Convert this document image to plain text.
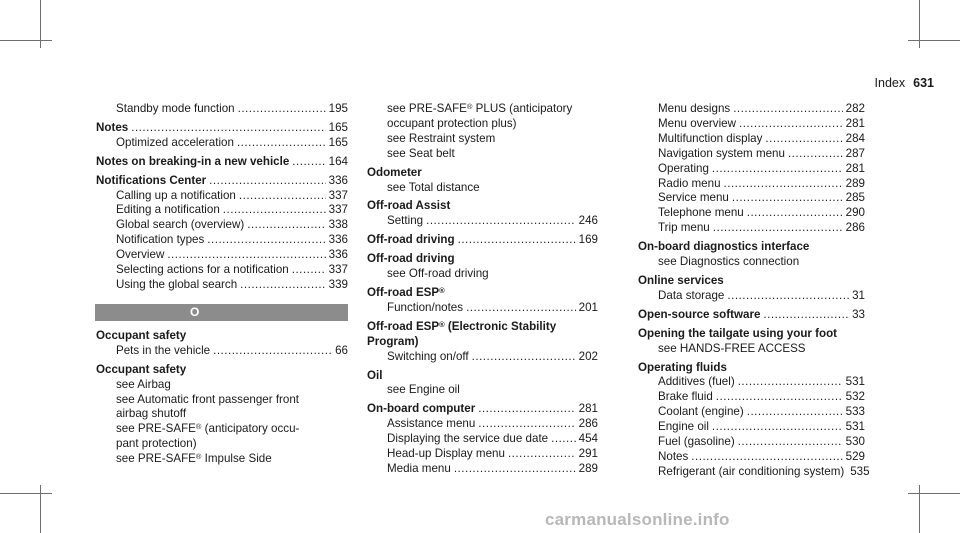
Index 631
Standby mode function .....	195
Notes .....	165
Optimized acceleration .....	165
Notes on breaking-in a new vehicle .....	164
Notifications Center .....	336
Calling up a notification .....	337
Editing a notification .....	337
Global search (overview) .....	338
Notification types .....	336
Overview .....	336
Selecting actions for a notification .....	337
Using the global search .....	339
O
Occupant safety
Pets in the vehicle .....	66
Occupant safety
see Airbag
see Automatic front passenger front
airbag shutoff
see PRE-SAFE® (anticipatory occu-
pant protection)
see PRE-SAFE® Impulse Side
see PRE-SAFE® PLUS (anticipatory
occupant protection plus)
see Restraint system
see Seat belt
Odometer
see Total distance
Off-road Assist
Setting .....	246
Off-road driving .....	169
Off-road driving
see Off-road driving
Off-road ESP®
Function/notes .....	201
Off-road ESP® (Electronic Stability
Program)
Switching on/off .....	202
Oil
see Engine oil
On-board computer .....	281
Assistance menu .....	286
Displaying the service due date .....	454
Head-up Display menu .....	291
Media menu .....	289
Menu designs .....	282
Menu overview .....	281
Multifunction display .....	284
Navigation system menu .....	287
Operating .....	281
Radio menu .....	289
Service menu .....	285
Telephone menu .....	290
Trip menu .....	286
On-board diagnostics interface
see Diagnostics connection
Online services
Data storage .....	31
Open-source software .....	33
Opening the tailgate using your foot
see HANDS-FREE ACCESS
Operating fluids
Additives (fuel) .....	531
Brake fluid .....	532
Coolant (engine) .....	533
Engine oil .....	531
Fuel (gasoline) .....	530
Notes .....	529
Refrigerant (air conditioning system) 535
carmanualsonline.info
